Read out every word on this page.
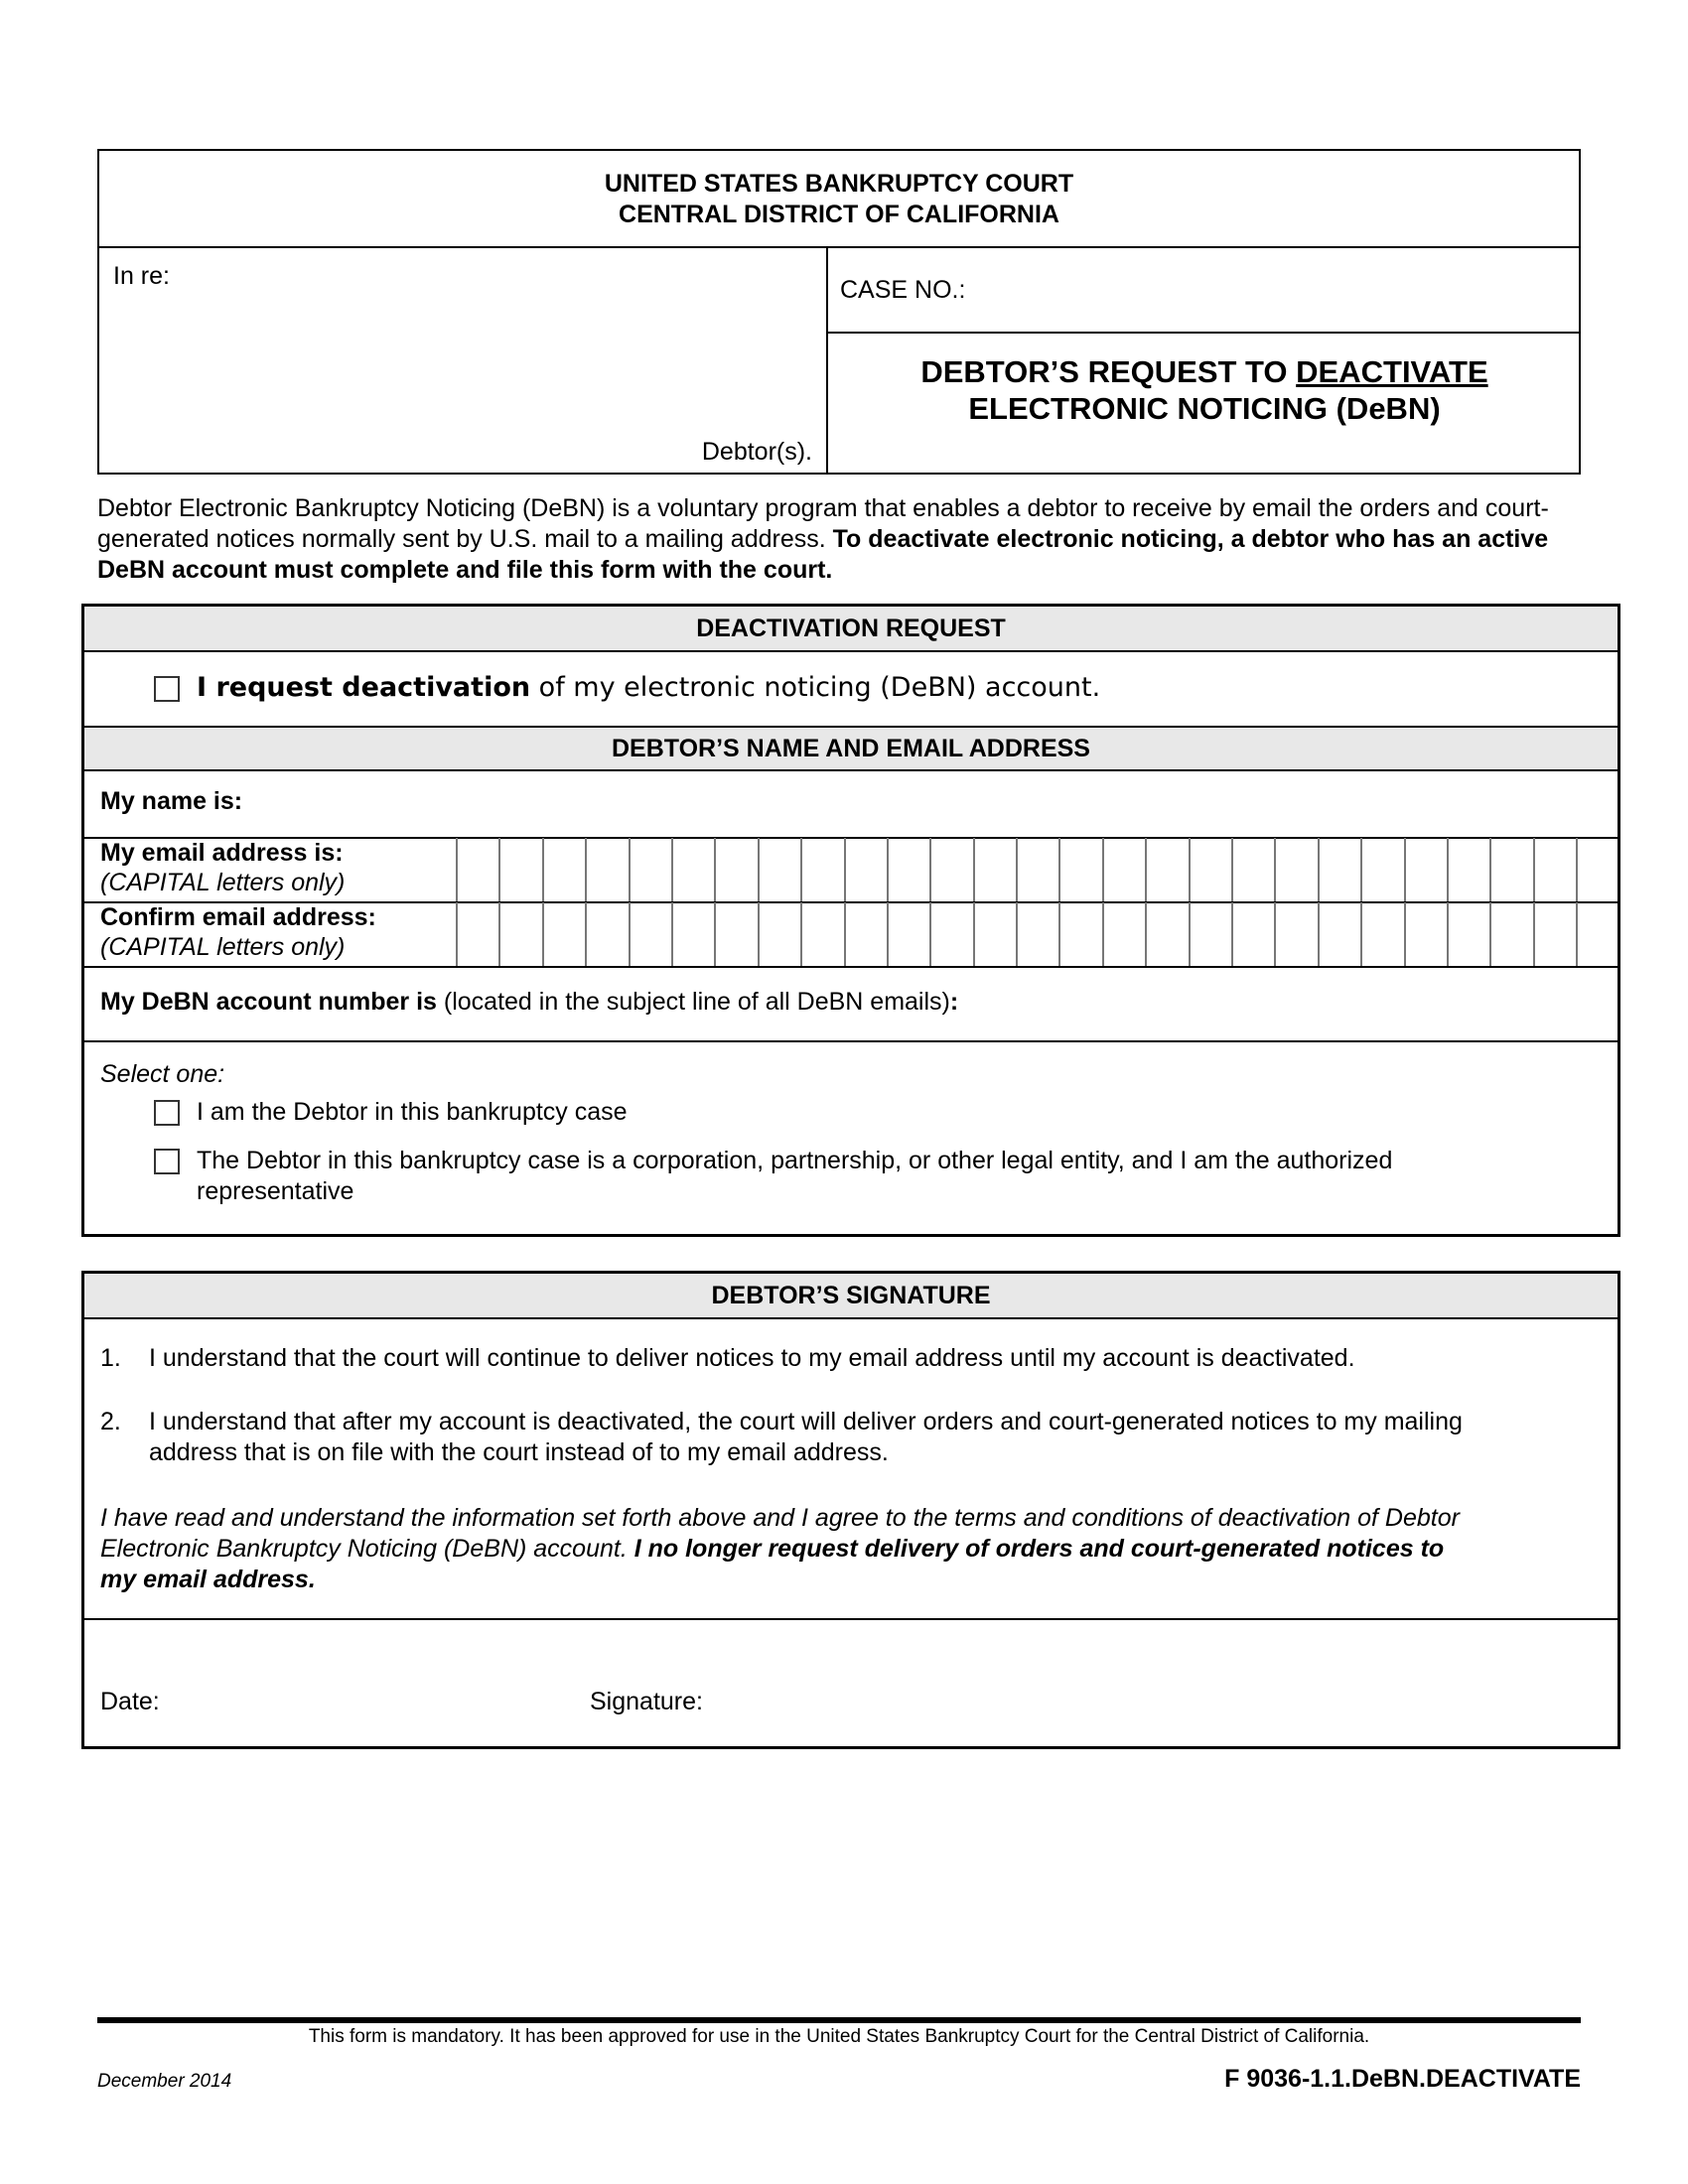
UNITED STATES BANKRUPTCY COURT
CENTRAL DISTRICT OF CALIFORNIA
In re:
Debtor(s).
CASE NO.:
DEBTOR’S REQUEST TO DEACTIVATE
ELECTRONIC NOTICING (DeBN)
Debtor Electronic Bankruptcy Noticing (DeBN) is a voluntary program that enables a debtor to receive by email the orders and court-generated notices normally sent by U.S. mail to a mailing address. To deactivate electronic noticing, a debtor who has an active DeBN account must complete and file this form with the court.
DEACTIVATION REQUEST
I request deactivation of my electronic noticing (DeBN) account.
DEBTOR’S NAME AND EMAIL ADDRESS
My name is:
My email address is:
(CAPITAL letters only)
Confirm email address:
(CAPITAL letters only)
My DeBN account number is (located in the subject line of all DeBN emails):
Select one:
I am the Debtor in this bankruptcy case
The Debtor in this bankruptcy case is a corporation, partnership, or other legal entity, and I am the authorized
representative
DEBTOR’S SIGNATURE
1. I understand that the court will continue to deliver notices to my email address until my account is deactivated.
2. I understand that after my account is deactivated, the court will deliver orders and court-generated notices to my mailing
address that is on file with the court instead of to my email address.
I have read and understand the information set forth above and I agree to the terms and conditions of deactivation of Debtor
Electronic Bankruptcy Noticing (DeBN) account. I no longer request delivery of orders and court-generated notices to
my email address.
Date:	Signature:
This form is mandatory. It has been approved for use in the United States Bankruptcy Court for the Central District of California.
December 2014	F 9036-1.1.DeBN.DEACTIVATE
